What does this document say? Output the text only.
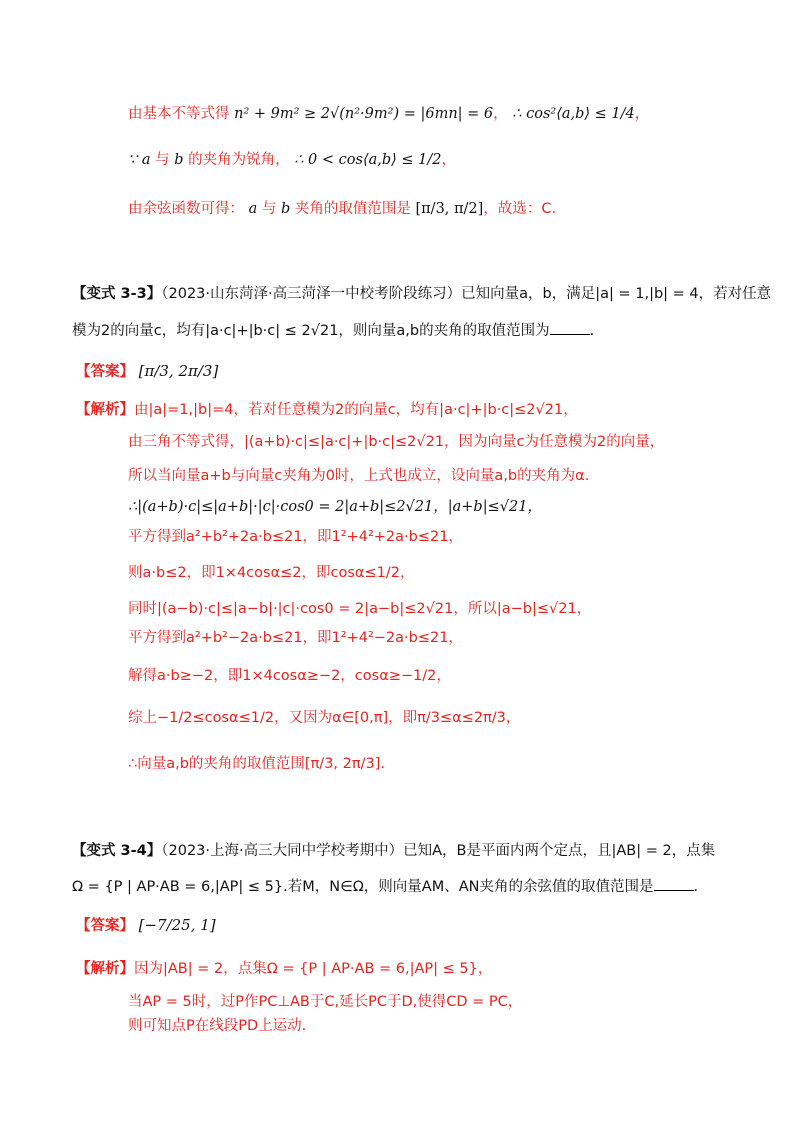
由基本不等式得 n² + 9m² ≥ 2√(n²·9m²) = |6mn| = 6， ∴ cos²⟨a,b⟩ ≤ 1/4，
∵ a 与 b 的夹角为锐角， ∴ 0 < cos⟨a,b⟩ ≤ 1/2，
由余弦函数可得： a 与 b 夹角的取值范围是 [π/3, π/2]，故选：C.
【变式 3-3】（2023·山东菏泽·高三菏泽一中校考阶段练习）已知向量a，b，满足|a| = 1,|b| = 4，若对任意
模为2的向量c，均有|a·c|+|b·c| ≤ 2√21，则向量a,b的夹角的取值范围为	.
【答案】 [π/3, 2π/3]
【解析】由|a|=1,|b|=4，若对任意模为2的向量c，均有|a·c|+|b·c|≤2√21，
由三角不等式得，|(a+b)·c|≤|a·c|+|b·c|≤2√21，因为向量c为任意模为2的向量，
所以当向量a+b与向量c夹角为0时，上式也成立，设向量a,b的夹角为α.
∴|(a+b)·c|≤|a+b|·|c|·cos0 = 2|a+b|≤2√21，|a+b|≤√21，
平方得到a²+b²+2a·b≤21，即1²+4²+2a·b≤21，
则a·b≤2，即1×4cosα≤2，即cosα≤1/2，
同时|(a−b)·c|≤|a−b|·|c|·cos0 = 2|a−b|≤2√21，所以|a−b|≤√21，
平方得到a²+b²−2a·b≤21，即1²+4²−2a·b≤21，
解得a·b≥−2，即1×4cosα≥−2，cosα≥−1/2，
综上−1/2≤cosα≤1/2，又因为α∈[0,π]，即π/3≤α≤2π/3，
∴向量a,b的夹角的取值范围[π/3, 2π/3].
【变式 3-4】（2023·上海·高三大同中学校考期中）已知A，B是平面内两个定点，且|AB| = 2，点集
Ω = {P | AP·AB = 6,|AP| ≤ 5}.若M，N∈Ω，则向量AM、AN夹角的余弦值的取值范围是	.
【答案】 [−7/25, 1]
【解析】因为|AB| = 2，点集Ω = {P | AP·AB = 6,|AP| ≤ 5}，
当AP = 5时，过P作PC⊥AB于C,延长PC于D,使得CD = PC，
则可知点P在线段PD上运动.
